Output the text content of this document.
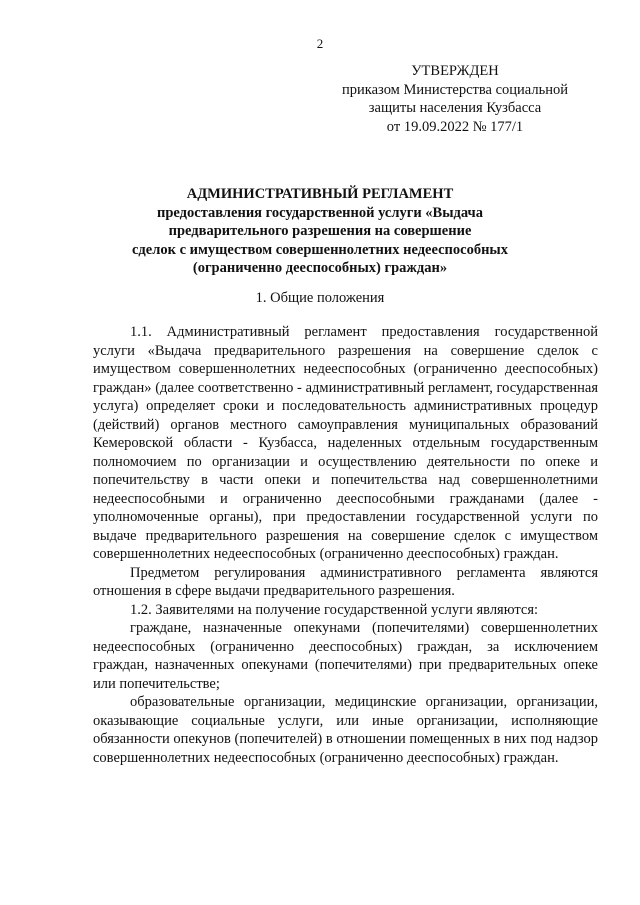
2
УТВЕРЖДЕН
приказом Министерства социальной
защиты населения Кузбасса
от 19.09.2022 № 177/1
АДМИНИСТРАТИВНЫЙ РЕГЛАМЕНТ
предоставления государственной услуги «Выдача
предварительного разрешения на совершение
сделок с имуществом совершеннолетних недееспособных
(ограниченно дееспособных) граждан»
1. Общие положения

1.1. Административный регламент предоставления государственной услуги «Выдача предварительного разрешения на совершение сделок с имуществом совершеннолетних недееспособных (ограниченно дееспособных) граждан» (далее соответственно - административный регламент, государственная услуга) определяет сроки и последовательность административных процедур (действий) органов местного самоуправления муниципальных образований Кемеровской области - Кузбасса, наделенных отдельным государственным полномочием по организации и осуществлению деятельности по опеке и попечительству в части опеки и попечительства над совершеннолетними недееспособными и ограниченно дееспособными гражданами (далее - уполномоченные органы), при предоставлении государственной услуги по выдаче предварительного разрешения на совершение сделок с имуществом совершеннолетних недееспособных (ограниченно дееспособных) граждан.

Предметом регулирования административного регламента являются отношения в сфере выдачи предварительного разрешения.

1.2. Заявителями на получение государственной услуги являются:

граждане, назначенные опекунами (попечителями) совершеннолетних недееспособных (ограниченно дееспособных) граждан, за исключением граждан, назначенных опекунами (попечителями) при предварительных опеке или попечительстве;

образовательные организации, медицинские организации, организации, оказывающие социальные услуги, или иные организации, исполняющие обязанности опекунов (попечителей) в отношении помещенных в них под надзор совершеннолетних недееспособных (ограниченно дееспособных) граждан.
